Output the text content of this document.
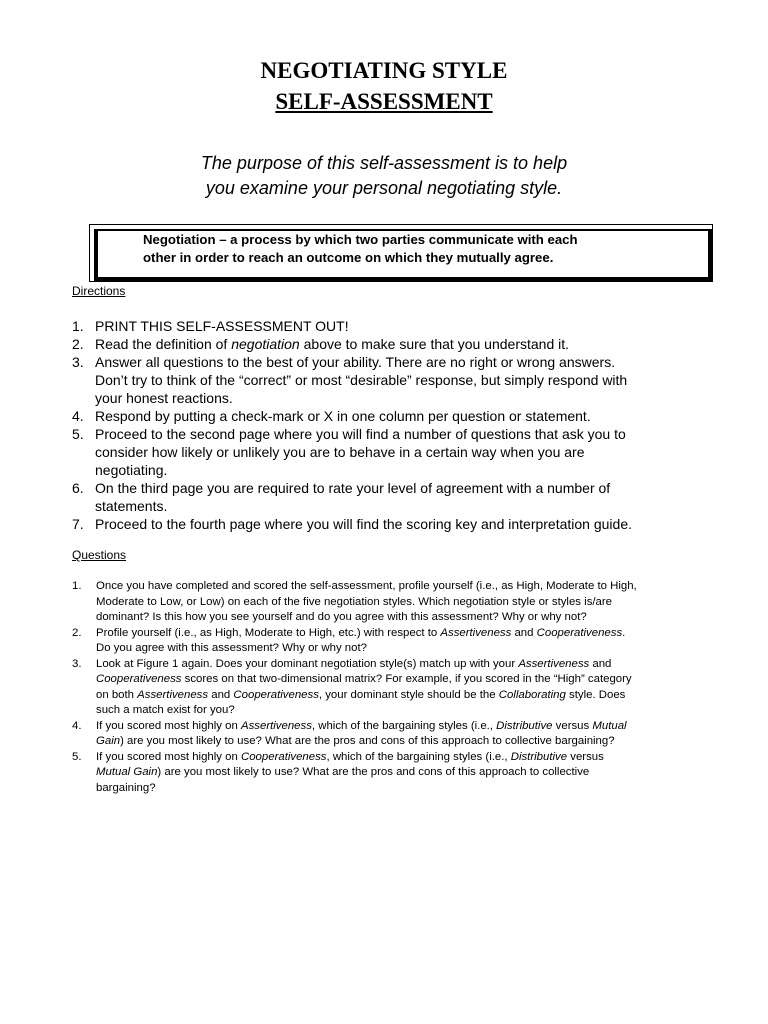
NEGOTIATING STYLE
SELF-ASSESSMENT
The purpose of this self-assessment is to help
you examine your personal negotiating style.
Negotiation – a process by which two parties communicate with each
other in order to reach an outcome on which they mutually agree.
Directions
1. PRINT THIS SELF-ASSESSMENT OUT!
2. Read the definition of negotiation above to make sure that you understand it.
3. Answer all questions to the best of your ability. There are no right or wrong answers.
Don’t try to think of the “correct” or most “desirable” response, but simply respond with
your honest reactions.
4. Respond by putting a check-mark or X in one column per question or statement.
5. Proceed to the second page where you will find a number of questions that ask you to
consider how likely or unlikely you are to behave in a certain way when you are
negotiating.
6. On the third page you are required to rate your level of agreement with a number of
statements.
7. Proceed to the fourth page where you will find the scoring key and interpretation guide.
Questions
1. Once you have completed and scored the self-assessment, profile yourself (i.e., as High, Moderate to High,
Moderate to Low, or Low) on each of the five negotiation styles. Which negotiation style or styles is/are
dominant? Is this how you see yourself and do you agree with this assessment? Why or why not?
2. Profile yourself (i.e., as High, Moderate to High, etc.) with respect to Assertiveness and Cooperativeness.
Do you agree with this assessment? Why or why not?
3. Look at Figure 1 again. Does your dominant negotiation style(s) match up with your Assertiveness and
Cooperativeness scores on that two-dimensional matrix? For example, if you scored in the “High” category
on both Assertiveness and Cooperativeness, your dominant style should be the Collaborating style. Does
such a match exist for you?
4. If you scored most highly on Assertiveness, which of the bargaining styles (i.e., Distributive versus Mutual
Gain) are you most likely to use? What are the pros and cons of this approach to collective bargaining?
5. If you scored most highly on Cooperativeness, which of the bargaining styles (i.e., Distributive versus
Mutual Gain) are you most likely to use? What are the pros and cons of this approach to collective
bargaining?
